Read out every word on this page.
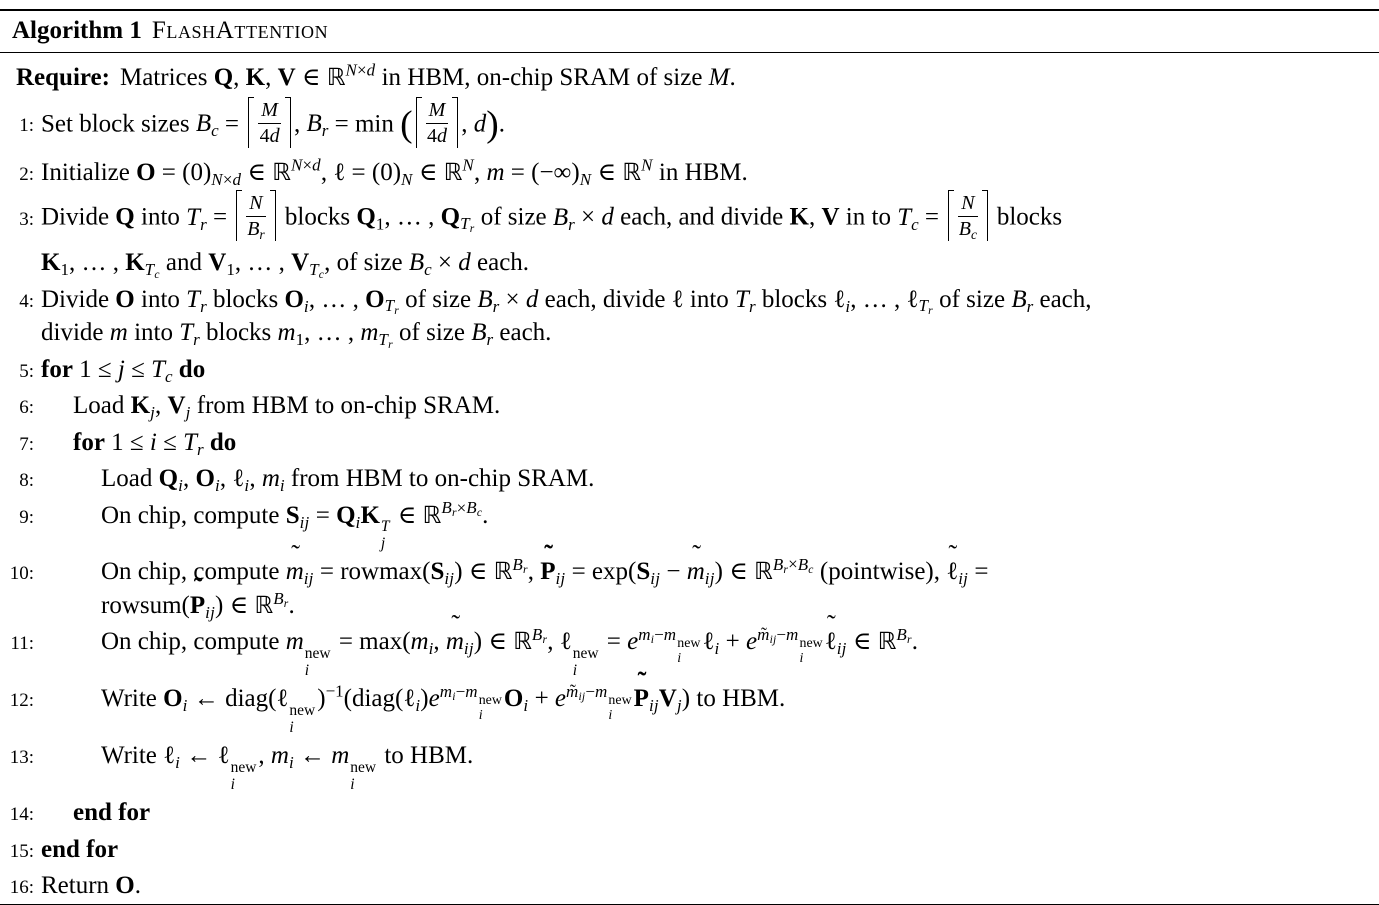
Algorithm 1 FlashAttention
Require: Matrices Q, K, V ∈ ℝ$^{N\times d}$ in HBM, on-chip SRAM of size M.
1: Set block sizes $B_c = \frac{M}{4d}$ , $B_r = \min$ ( $\frac{M}{4d}$ , d).
2: Initialize $O = (0)_{N\times d}$ ∈ ℝ$^{N\times d}$, ℓ = $(0)_N$ ∈ ℝ$^N$, $m = (-\infty)_N$ ∈ ℝ$^N$ in HBM.
3: Divide Q into $T_r = \frac{N}{B_r}$ blocks $Q_1$, … , $Q_{T_r}$ of size $B_r \times d$ each, and divide K, V in to $T_c = \frac{N}{B_c}$ blocks
$K_1$, … , $K_{T_c}$ and $V_1$, … , $V_{T_c}$, of size $B_c \times d$ each.
4: Divide O into $T_r$ blocks $O_i$, … , $O_{T_r}$ of size $B_r \times d$ each, divide ℓ into $T_r$ blocks ℓ$_i$, … , ℓ$_{T_r}$ of size $B_r$ each,
divide m into $T_r$ blocks $m_1$, … , $m_{T_r}$ of size $B_r$ each.
5: for $1 \le j \le T_c$ do
6:	Load $K_j$, $V_j$ from HBM to on-chip SRAM.
7:	for $1 \le i \le T_r$ do
8:	Load $Q_i$, $O_i$, ℓ$_i$, $m_i$ from HBM to on-chip SRAM.
9:	On chip, compute $S_{ij} = Q_iK$ T
j
∈ ℝ$^{B_r\times B_c}$.
10:	On chip, compute m $˜_{ij} = rowmax(S_{ij})$ ∈ ℝ$^{B_r}$, P $˜_{ij} = \exp(S_{ij} - m$ $˜_{ij}$) ∈ ℝ$^{B_r\times B_c}$ (pointwise), ℓ $˜_{ij}$ =
rowsum(P $˜_{ij}$) ∈ ℝ$^{B_r}$.
11:	On chip, compute m new
i
= $\max(m_i$, m $˜_{ij}$) ∈ ℝ$^{B_r}$, ℓ new
i
= $e^{m_i-m new i}$
ℓ$_i$ + $e^{m_{ij}-m new i}$
ℓ $˜_{ij}$ ∈ ℝ$^{B_r}$.
12:	Write $O_i$ ← diag(ℓ new
i
)$^{-1}(diag(\ell_i)e^{m_i-m new i}$
$O_i + e^{m_{ij}-m new i}$
P $˜_{ij}V_j$) to HBM.
13:	Write ℓ$_i$ ← ℓ new
i
, $m_i$ ← m new
i
to HBM.
14:	end for
15: end for
16: Return O.
